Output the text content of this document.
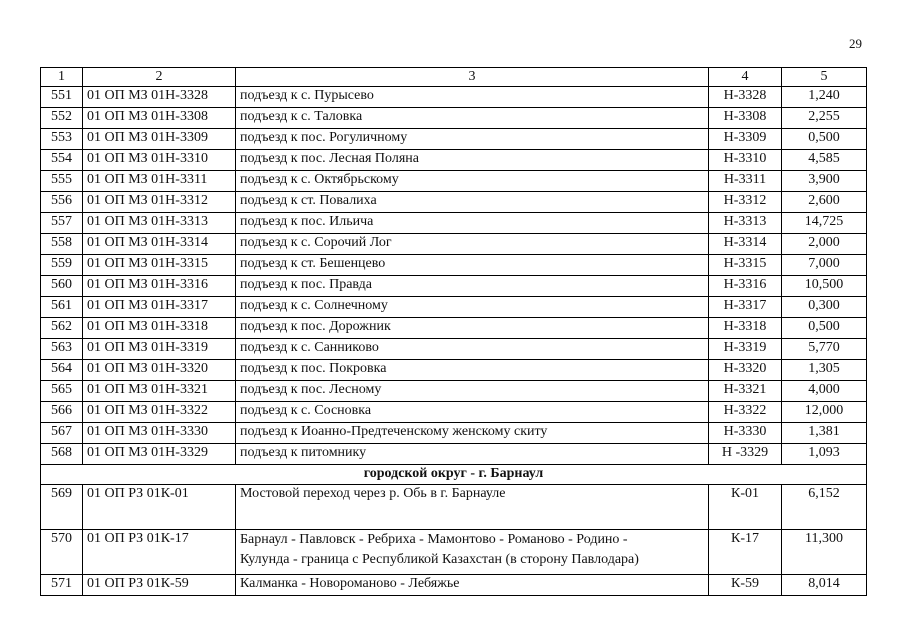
29
1	2	3	4	5
551	01 ОП МЗ 01Н-3328	подъезд к с. Пурысево	Н-3328	1,240
552	01 ОП МЗ 01Н-3308	подъезд к с. Таловка	Н-3308	2,255
553	01 ОП МЗ 01Н-3309	подъезд к пос. Рогуличному	Н-3309	0,500
554	01 ОП МЗ 01Н-3310	подъезд к пос. Лесная Поляна	Н-3310	4,585
555	01 ОП МЗ 01Н-3311	подъезд к с. Октябрьскому	Н-3311	3,900
556	01 ОП МЗ 01Н-3312	подъезд к ст. Повалиха	Н-3312	2,600
557	01 ОП МЗ 01Н-3313	подъезд к пос. Ильича	Н-3313	14,725
558	01 ОП МЗ 01Н-3314	подъезд к с. Сорочий Лог	Н-3314	2,000
559	01 ОП МЗ 01Н-3315	подъезд к ст. Бешенцево	Н-3315	7,000
560	01 ОП МЗ 01Н-3316	подъезд к пос. Правда	Н-3316	10,500
561	01 ОП МЗ 01Н-3317	подъезд к с. Солнечному	Н-3317	0,300
562	01 ОП МЗ 01Н-3318	подъезд к пос. Дорожник	Н-3318	0,500
563	01 ОП МЗ 01Н-3319	подъезд к с. Санниково	Н-3319	5,770
564	01 ОП МЗ 01Н-3320	подъезд к пос. Покровка	Н-3320	1,305
565	01 ОП МЗ 01Н-3321	подъезд к пос. Лесному	Н-3321	4,000
566	01 ОП МЗ 01Н-3322	подъезд к с. Сосновка	Н-3322	12,000
567	01 ОП МЗ 01Н-3330	подъезд к Иоанно-Предтеченскому женскому скиту	Н-3330	1,381
568	01 ОП МЗ 01Н-3329	подъезд к питомнику	Н -3329	1,093
городской округ - г. Барнаул				
569	01 ОП РЗ 01К-01	Мостовой переход через р. Обь в г. Барнауле	К-01	6,152
570	01 ОП РЗ 01К-17	Барнаул - Павловск - Ребриха - Мамонтово - Романово - Родино -
Кулунда - граница с Республикой Казахстан (в сторону Павлодара)	К-17	11,300
571	01 ОП РЗ 01К-59	Калманка - Новороманово - Лебяжье	К-59	8,014
